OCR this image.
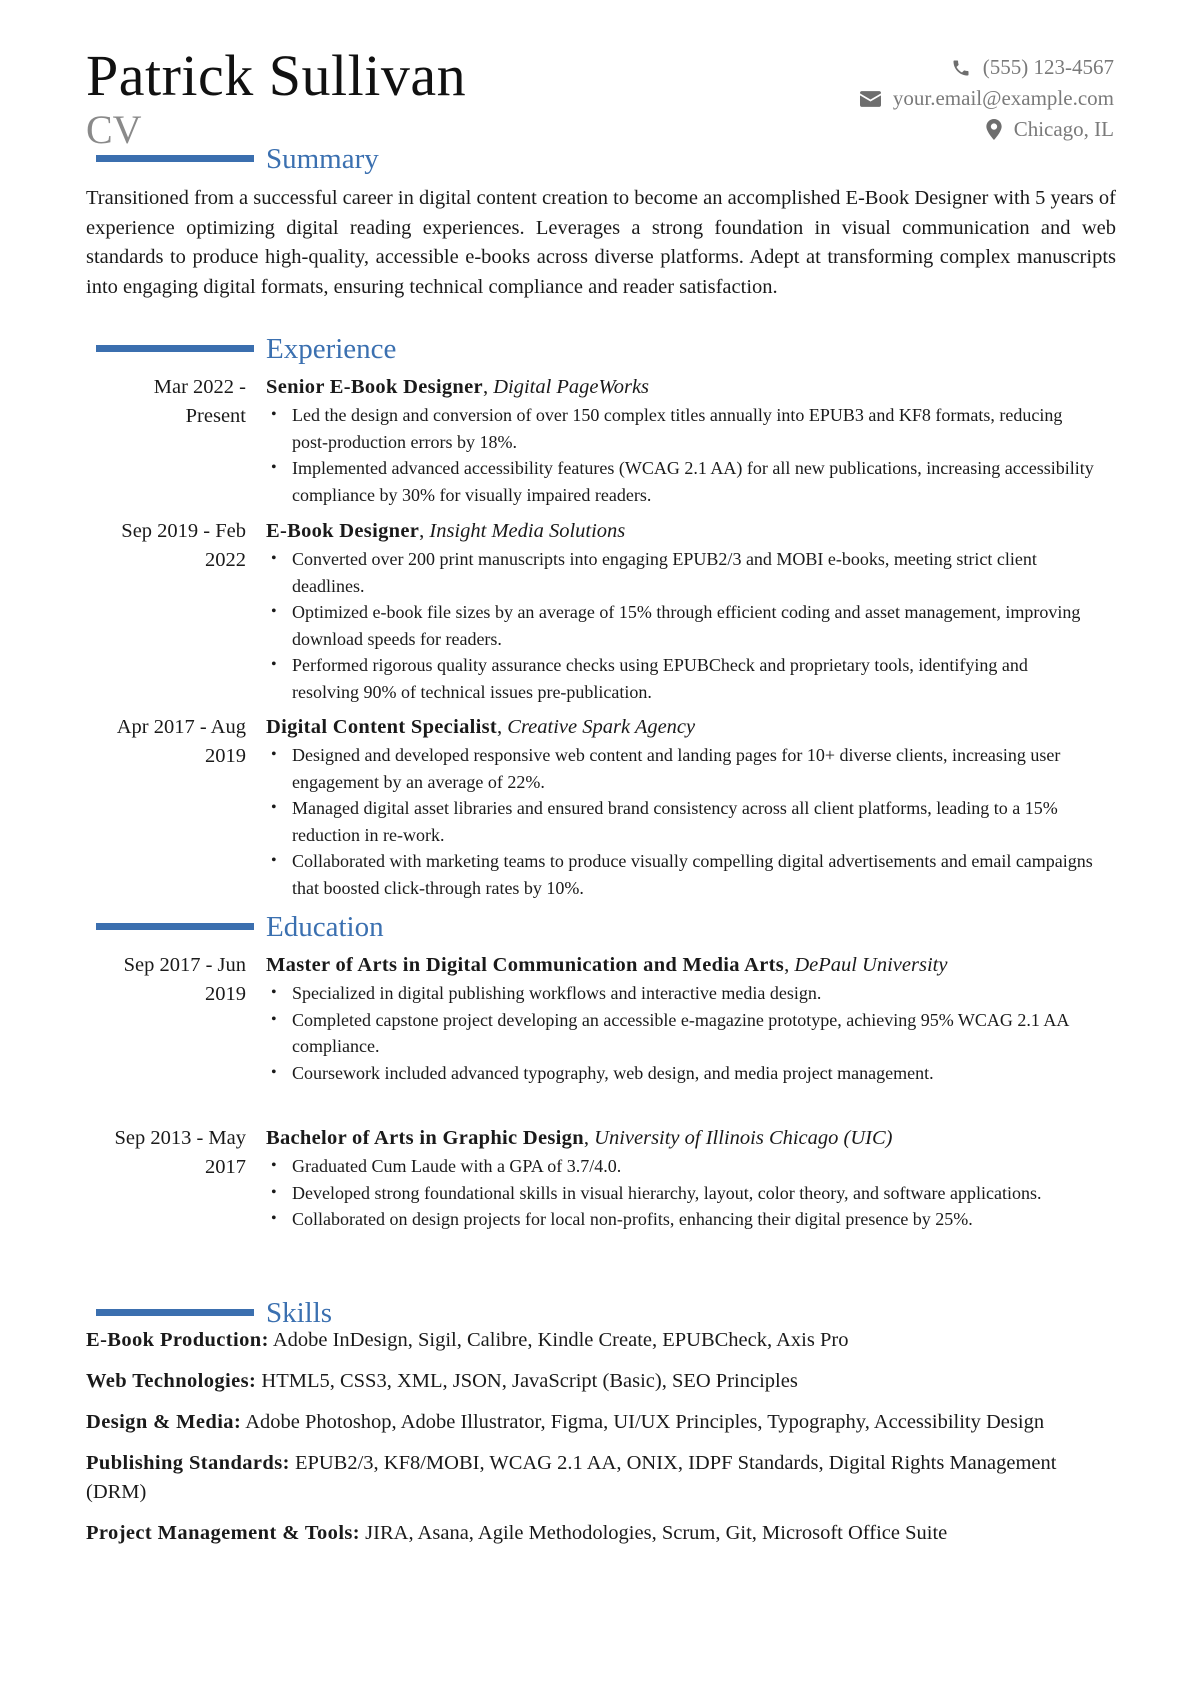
Patrick Sullivan
CV
(555) 123-4567
your.email@example.com
Chicago, IL
Summary
Transitioned from a successful career in digital content creation to become an accomplished E-Book Designer with 5 years of experience optimizing digital reading experiences. Leverages a strong foundation in visual communication and web standards to produce high-quality, accessible e-books across diverse platforms. Adept at transforming complex manuscripts into engaging digital formats, ensuring technical compliance and reader satisfaction.
Experience
Mar 2022 -
Present
Senior E-Book Designer, Digital PageWorks
• Led the design and conversion of over 150 complex titles annually into EPUB3 and KF8 formats, reducing post-production errors by 18%.
• Implemented advanced accessibility features (WCAG 2.1 AA) for all new publications, increasing accessibility compliance by 30% for visually impaired readers.
Sep 2019 - Feb
2022
E-Book Designer, Insight Media Solutions
• Converted over 200 print manuscripts into engaging EPUB2/3 and MOBI e-books, meeting strict client deadlines.
• Optimized e-book file sizes by an average of 15% through efficient coding and asset management, improving download speeds for readers.
• Performed rigorous quality assurance checks using EPUBCheck and proprietary tools, identifying and resolving 90% of technical issues pre-publication.
Apr 2017 - Aug
2019
Digital Content Specialist, Creative Spark Agency
• Designed and developed responsive web content and landing pages for 10+ diverse clients, increasing user engagement by an average of 22%.
• Managed digital asset libraries and ensured brand consistency across all client platforms, leading to a 15% reduction in re-work.
• Collaborated with marketing teams to produce visually compelling digital advertisements and email campaigns that boosted click-through rates by 10%.
Education
Sep 2017 - Jun
2019
Master of Arts in Digital Communication and Media Arts, DePaul University
• Specialized in digital publishing workflows and interactive media design.
• Completed capstone project developing an accessible e-magazine prototype, achieving 95% WCAG 2.1 AA compliance.
• Coursework included advanced typography, web design, and media project management.
Sep 2013 - May
2017
Bachelor of Arts in Graphic Design, University of Illinois Chicago (UIC)
• Graduated Cum Laude with a GPA of 3.7/4.0.
• Developed strong foundational skills in visual hierarchy, layout, color theory, and software applications.
• Collaborated on design projects for local non-profits, enhancing their digital presence by 25%.
Skills
E-Book Production: Adobe InDesign, Sigil, Calibre, Kindle Create, EPUBCheck, Axis Pro
Web Technologies: HTML5, CSS3, XML, JSON, JavaScript (Basic), SEO Principles
Design & Media: Adobe Photoshop, Adobe Illustrator, Figma, UI/UX Principles, Typography, Accessibility Design
Publishing Standards: EPUB2/3, KF8/MOBI, WCAG 2.1 AA, ONIX, IDPF Standards, Digital Rights Management (DRM)
Project Management & Tools: JIRA, Asana, Agile Methodologies, Scrum, Git, Microsoft Office Suite
